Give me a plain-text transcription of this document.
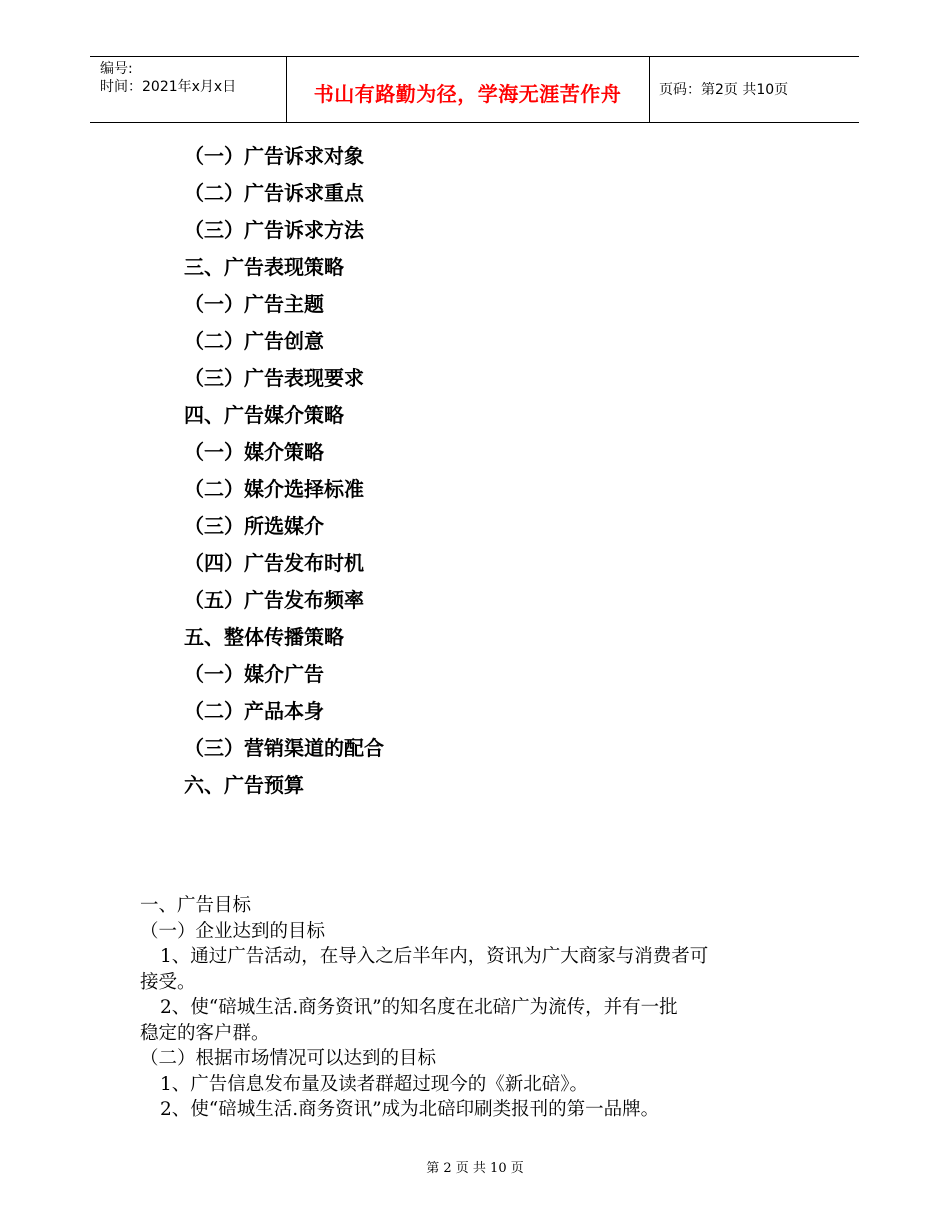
编号:
时间：2021年x月x日	书山有路勤为径，学海无涯苦作舟	页码：第2页 共10页
（一）广告诉求对象
（二）广告诉求重点
（三）广告诉求方法
三、广告表现策略
（一）广告主题
（二）广告创意
（三）广告表现要求
四、广告媒介策略
（一）媒介策略
（二）媒介选择标准
（三）所选媒介
（四）广告发布时机
（五）广告发布频率
五、整体传播策略
（一）媒介广告
（二）产品本身
（三）营销渠道的配合
六、广告预算

一、广告目标

（一）企业达到的目标

1、通过广告活动，在导入之后半年内，资讯为广大商家与消费者可

接受。

2、使“碚城生活.商务资讯”的知名度在北碚广为流传，并有一批

稳定的客户群。

（二）根据市场情况可以达到的目标

1、广告信息发布量及读者群超过现今的《新北碚》。

2、使“碚城生活.商务资讯”成为北碚印刷类报刊的第一品牌。

第 2 页 共 10 页
